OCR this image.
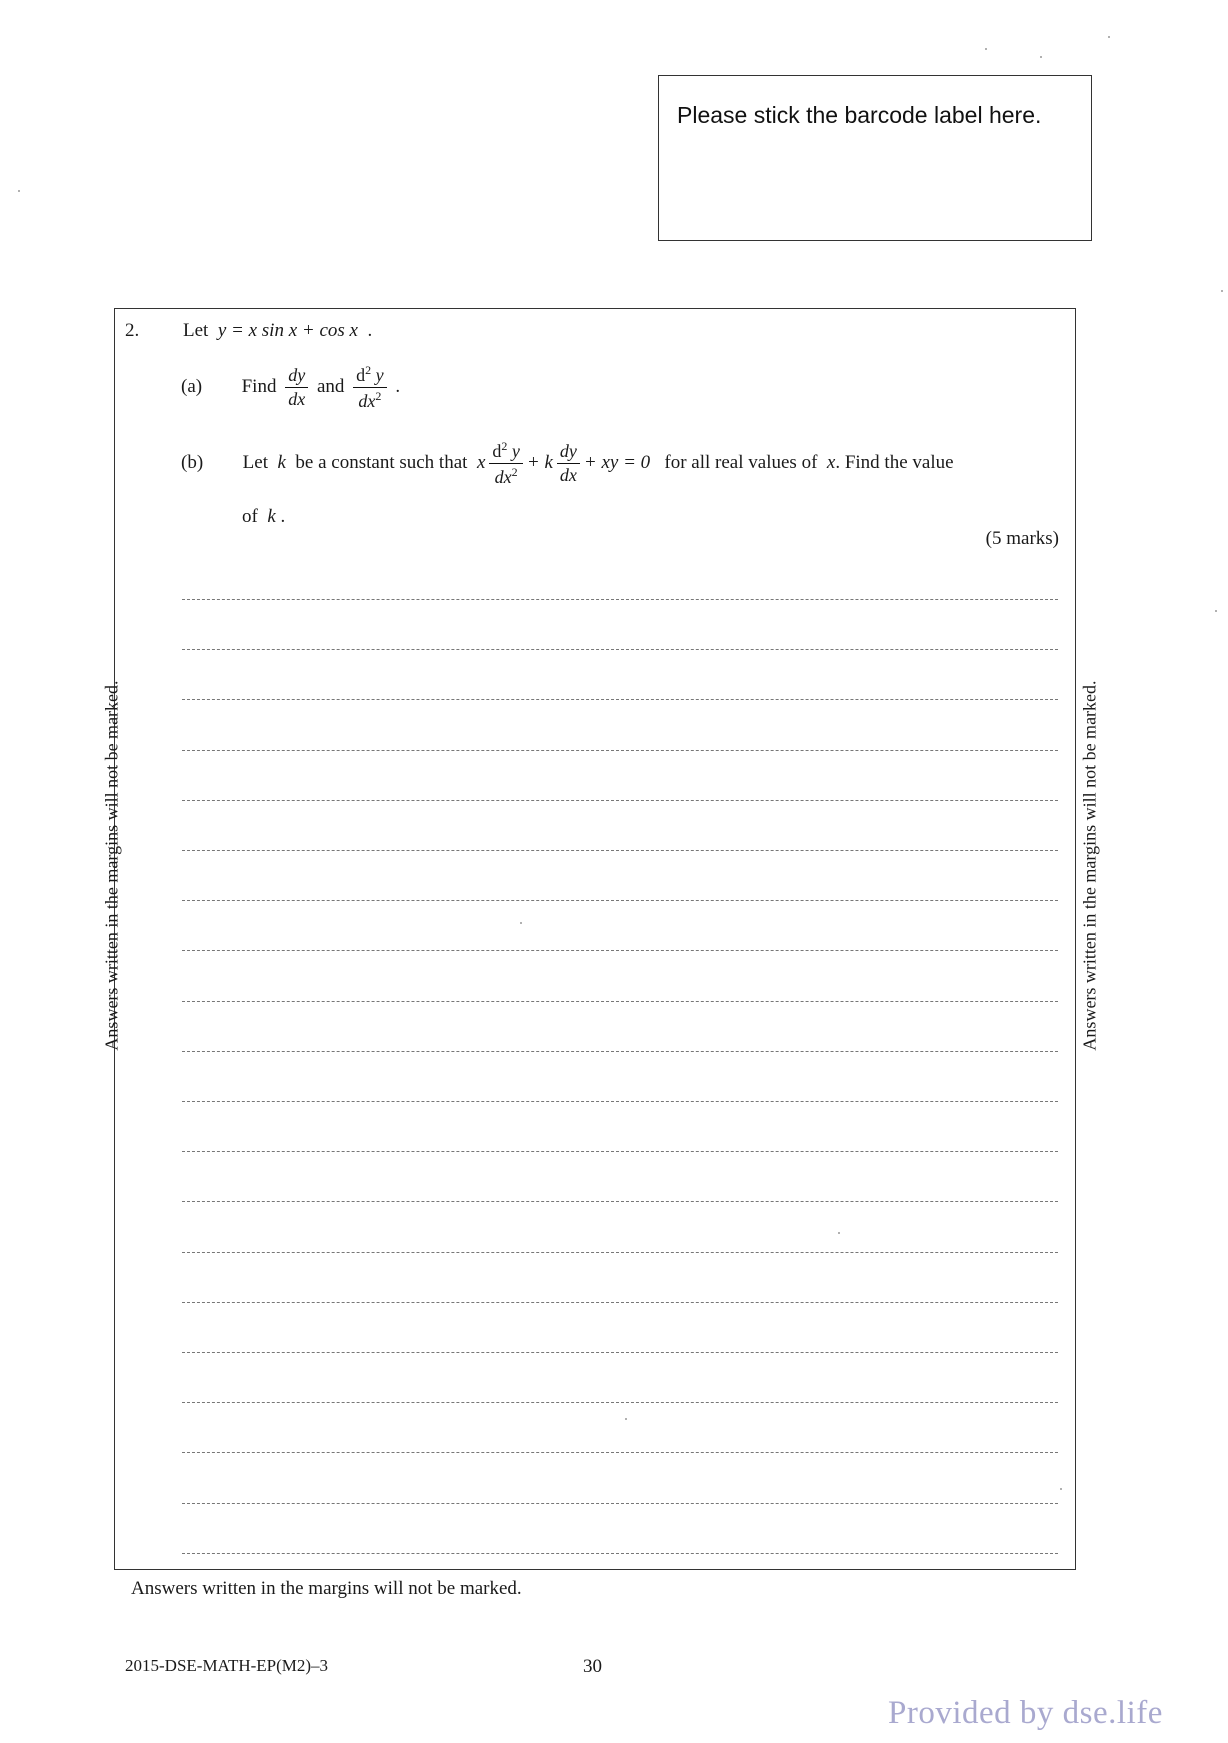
Please stick the barcode label here.
2. Let y = x sin x + cos x .
(a) Find $\frac{dy}{dx}$ and $\frac{d^2 y}{dx^2}$ .
(b) Let k be a constant such that x $\frac{d^2 y}{dx^2} + k \frac{dy}{dx}$ + xy = 0 for all real values of x. Find the value
of k .
(5 marks)
Answers written in the margins will not be marked.	Answers written in the margins will not be marked.
Answers written in the margins will not be marked.
2015-DSE-MATH-EP(M2)–3	30
Provided by dse.life
